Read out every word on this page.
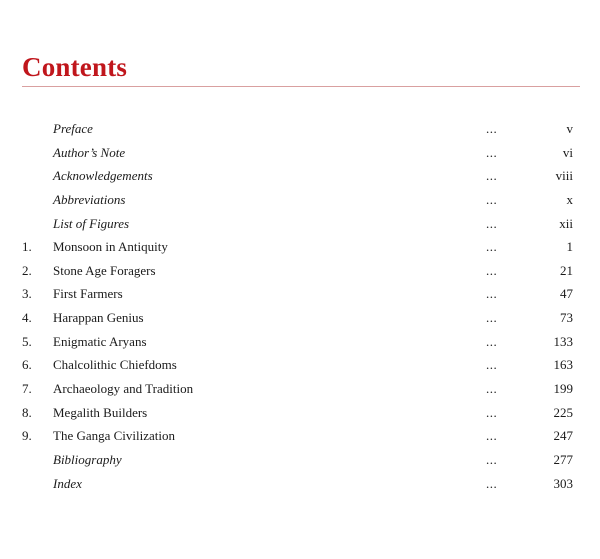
Contents
Preface	...	v
Author’s Note	...	vi
Acknowledgements	...	viii
Abbreviations	...	x
List of Figures	...	xii
1. Monsoon in Antiquity	...	1
2. Stone Age Foragers	...	21
3. First Farmers	...	47
4. Harappan Genius	...	73
5. Enigmatic Aryans	...	133
6. Chalcolithic Chiefdoms	...	163
7. Archaeology and Tradition	...	199
8. Megalith Builders	...	225
9. The Ganga Civilization	...	247
Bibliography	...	277
Index	...	303
